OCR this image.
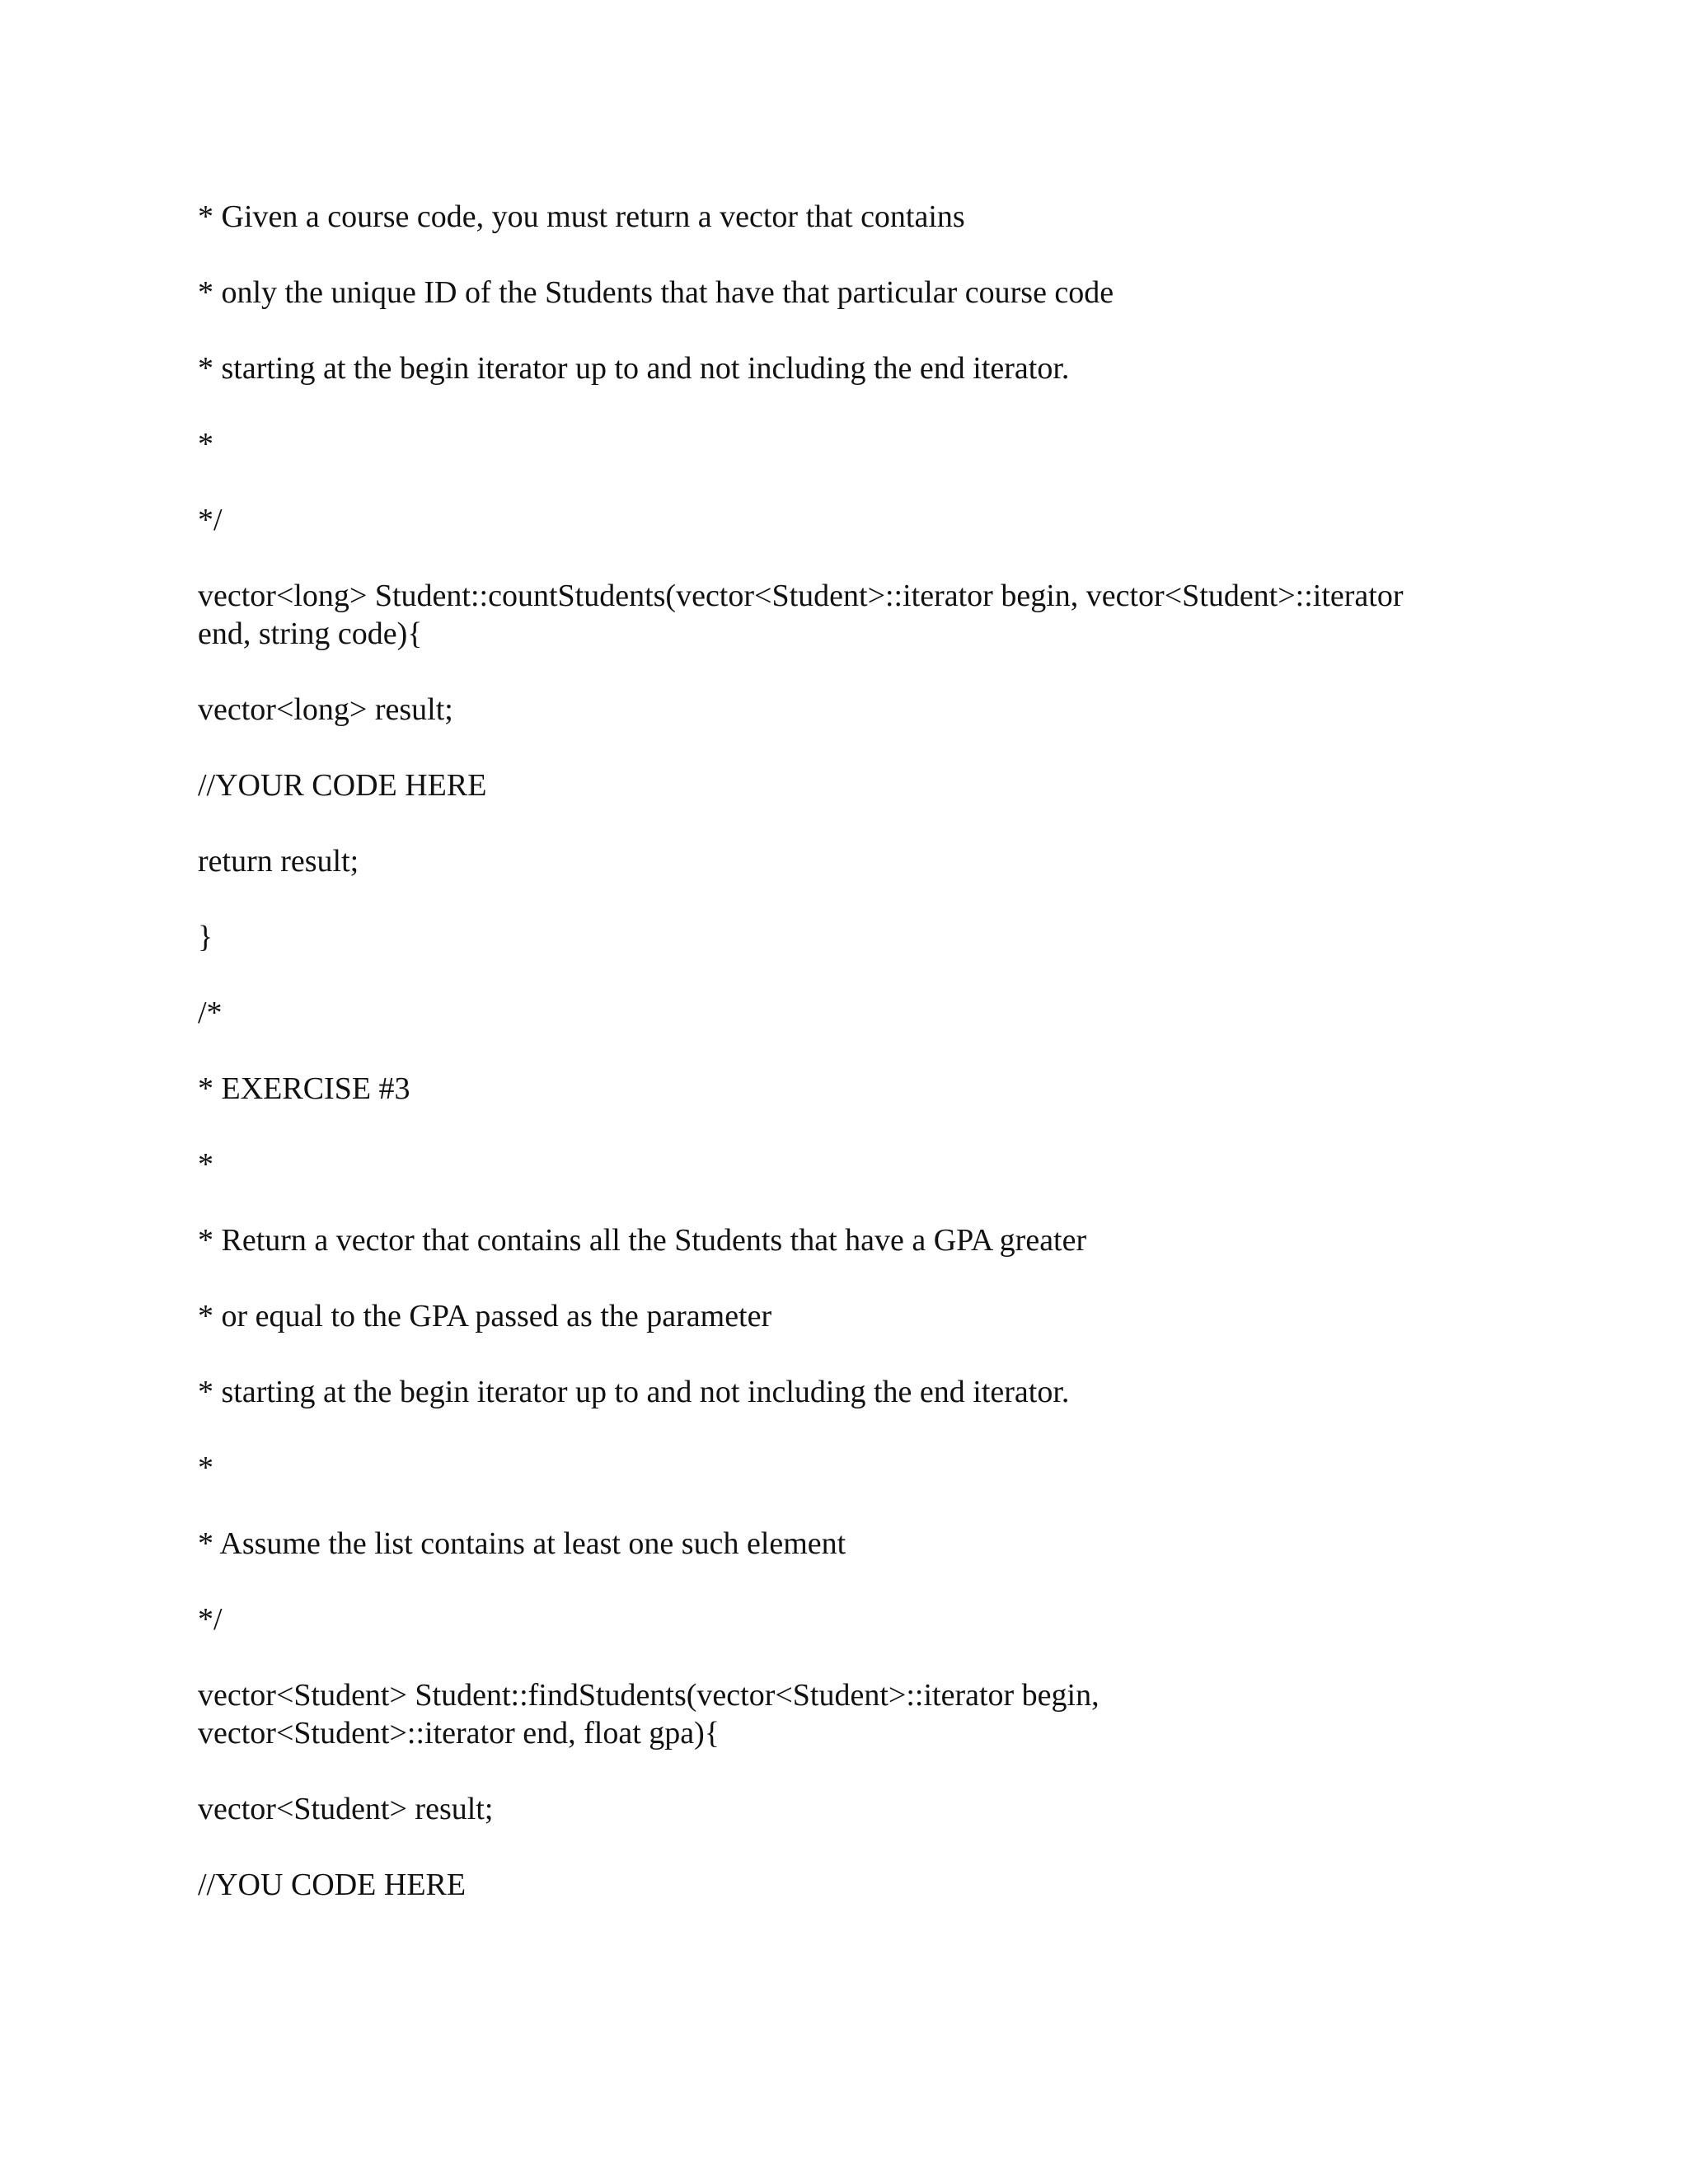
* Given a course code, you must return a vector that contains

* only the unique ID of the Students that have that particular course code

* starting at the begin iterator up to and not including the end iterator.

*

*/

vector<long> Student::countStudents(vector<Student>::iterator begin, vector<Student>::iterator

end, string code){

vector<long> result;

//YOUR CODE HERE

return result;

}

/*

* EXERCISE #3

*

* Return a vector that contains all the Students that have a GPA greater

* or equal to the GPA passed as the parameter

* starting at the begin iterator up to and not including the end iterator.

*

* Assume the list contains at least one such element

*/

vector<Student> Student::findStudents(vector<Student>::iterator begin,

vector<Student>::iterator end, float gpa){

vector<Student> result;

//YOU CODE HERE
